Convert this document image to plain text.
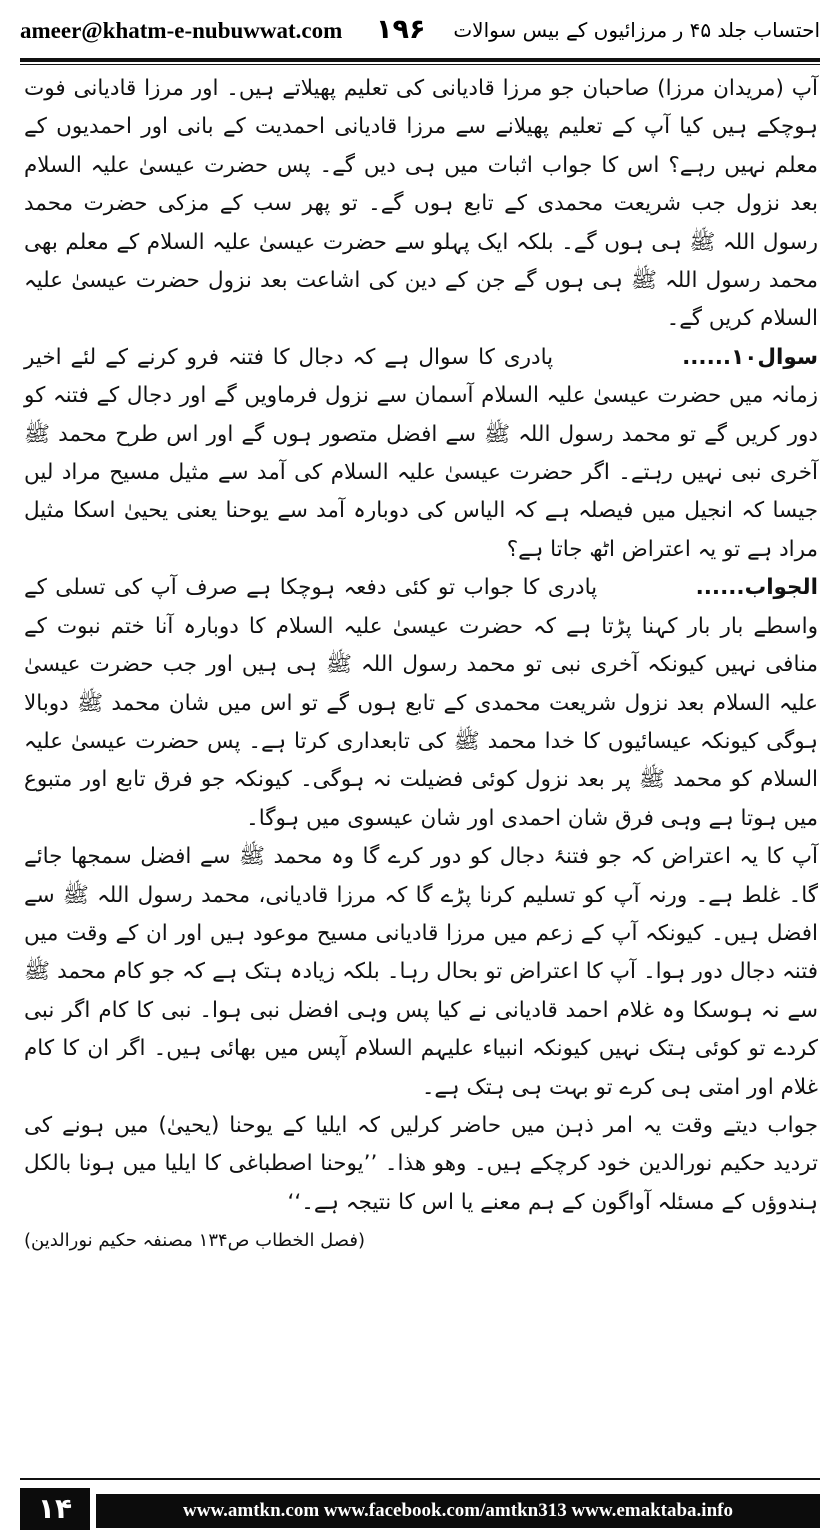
ameer@khatm-e-nubuwwat.com ۱۹۶ احتساب جلد ۴۵ ر مرزائیوں کے بیس سوالات

آپ (مریدان مرزا) صاحبان جو مرزا قادیانی کی تعلیم پھیلاتے ہیں۔ اور مرزا قادیانی فوت ہوچکے ہیں کیا آپ کے تعلیم پھیلانے سے مرزا قادیانی احمدیت کے بانی اور احمدیوں کے معلم نہیں رہے؟ اس کا جواب اثبات میں ہی دیں گے۔ پس حضرت عیسیٰ علیہ السلام بعد نزول جب شریعت محمدی کے تابع ہوں گے۔ تو پھر سب کے مزکی حضرت محمد رسول اللہ ﷺ ہی ہوں گے۔ بلکہ ایک پہلو سے حضرت عیسیٰ علیہ السلام کے معلم بھی محمد رسول اللہ ﷺ ہی ہوں گے جن کے دین کی اشاعت بعد نزول حضرت عیسیٰ علیہ السلام کریں گے۔

سوال۱۰...... پادری کا سوال ہے کہ دجال کا فتنہ فرو کرنے کے لئے اخیر زمانہ میں حضرت عیسیٰ علیہ السلام آسمان سے نزول فرماویں گے اور دجال کے فتنہ کو دور کریں گے تو محمد رسول اللہ ﷺ سے افضل متصور ہوں گے اور اس طرح محمد ﷺ آخری نبی نہیں رہتے۔ اگر حضرت عیسیٰ علیہ السلام کی آمد سے مثیل مسیح مراد لیں جیسا کہ انجیل میں فیصلہ ہے کہ الیاس کی دوبارہ آمد سے یوحنا یعنی یحییٰ اسکا مثیل مراد ہے تو یہ اعتراض اٹھ جاتا ہے؟

الجواب...... پادری کا جواب تو کئی دفعہ ہوچکا ہے صرف آپ کی تسلی کے واسطے بار بار کہنا پڑتا ہے کہ حضرت عیسیٰ علیہ السلام کا دوبارہ آنا ختم نبوت کے منافی نہیں کیونکہ آخری نبی تو محمد رسول اللہ ﷺ ہی ہیں اور جب حضرت عیسیٰ علیہ السلام بعد نزول شریعت محمدی کے تابع ہوں گے تو اس میں شان محمد ﷺ دوبالا ہوگی کیونکہ عیسائیوں کا خدا محمد ﷺ کی تابعداری کرتا ہے۔ پس حضرت عیسیٰ علیہ السلام کو محمد ﷺ پر بعد نزول کوئی فضیلت نہ ہوگی۔ کیونکہ جو فرق تابع اور متبوع میں ہوتا ہے وہی فرق شان احمدی اور شان عیسوی میں ہوگا۔

آپ کا یہ اعتراض کہ جو فتنۂ دجال کو دور کرے گا وہ محمد ﷺ سے افضل سمجھا جائے گا۔ غلط ہے۔ ورنہ آپ کو تسلیم کرنا پڑے گا کہ مرزا قادیانی، محمد رسول اللہ ﷺ سے افضل ہیں۔ کیونکہ آپ کے زعم میں مرزا قادیانی مسیح موعود ہیں اور ان کے وقت میں فتنہ دجال دور ہوا۔ آپ کا اعتراض تو بحال رہا۔ بلکہ زیادہ ہتک ہے کہ جو کام محمد ﷺ سے نہ ہوسکا وہ غلام احمد قادیانی نے کیا پس وہی افضل نبی ہوا۔ نبی کا کام اگر نبی کردے تو کوئی ہتک نہیں کیونکہ انبیاء علیہم السلام آپس میں بھائی ہیں۔ اگر ان کا کام غلام اور امتی ہی کرے تو بہت ہی ہتک ہے۔

جواب دیتے وقت یہ امر ذہن میں حاضر کرلیں کہ ایلیا کے یوحنا (یحییٰ) میں ہونے کی تردید حکیم نورالدین خود کرچکے ہیں۔ وھو ھذا۔ ’’یوحنا اصطباغی کا ایلیا میں ہونا بالکل ہندوؤں کے مسئلہ آواگون کے ہم معنے یا اس کا نتیجہ ہے۔‘‘

(فصل الخطاب ص۱۳۴ مصنفہ حکیم نورالدین)

۱۴	www.amtkn.com www.facebook.com/amtkn313 www.emaktaba.info
